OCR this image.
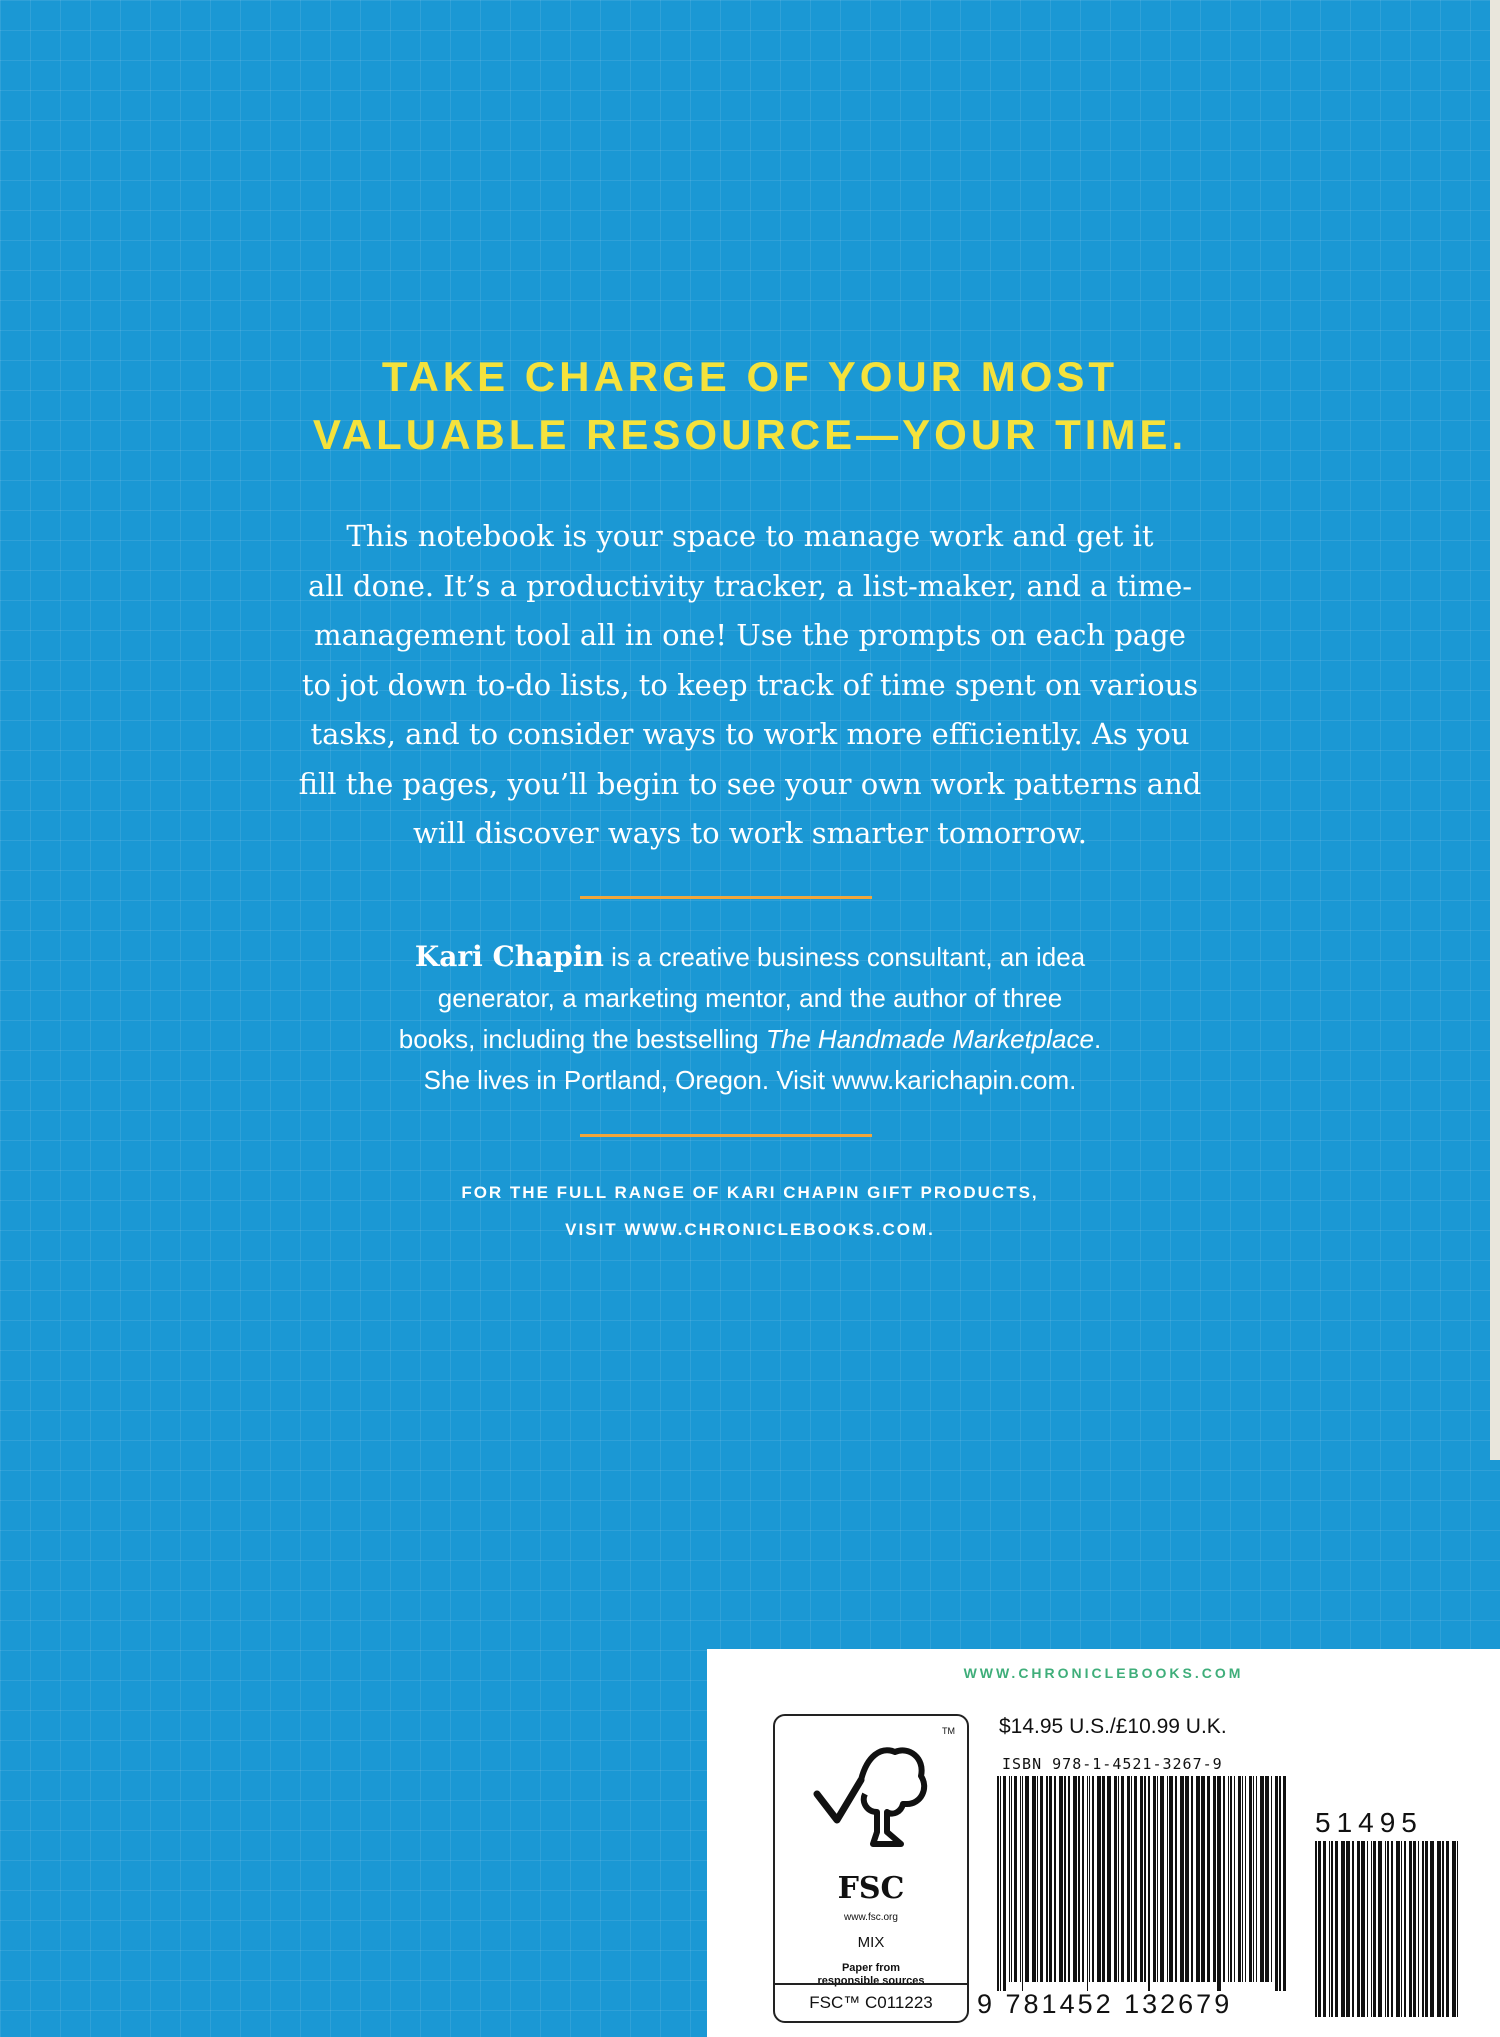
TAKE CHARGE OF YOUR MOST
VALUABLE RESOURCE—YOUR TIME.

This notebook is your space to manage work and get it
all done. It’s a productivity tracker, a list-maker, and a time-
management tool all in one! Use the prompts on each page
to jot down to-do lists, to keep track of time spent on various
tasks, and to consider ways to work more efficiently. As you
fill the pages, you’ll begin to see your own work patterns and
will discover ways to work smarter tomorrow.

Kari Chapin is a creative business consultant, an idea
generator, a marketing mentor, and the author of three
books, including the bestselling The Handmade Marketplace.
She lives in Portland, Oregon. Visit www.karichapin.com.

FOR THE FULL RANGE OF KARI CHAPIN GIFT PRODUCTS,
VISIT WWW.CHRONICLEBOOKS.COM.

WWW.CHRONICLEBOOKS.COM
TM
FSC
www.fsc.org
MIX
Paper from
responsible sources
FSC™ C011223
$14.95 U.S./£10.99 U.K.
ISBN 978-1-4521-3267-9
9 781452 132679
51495
